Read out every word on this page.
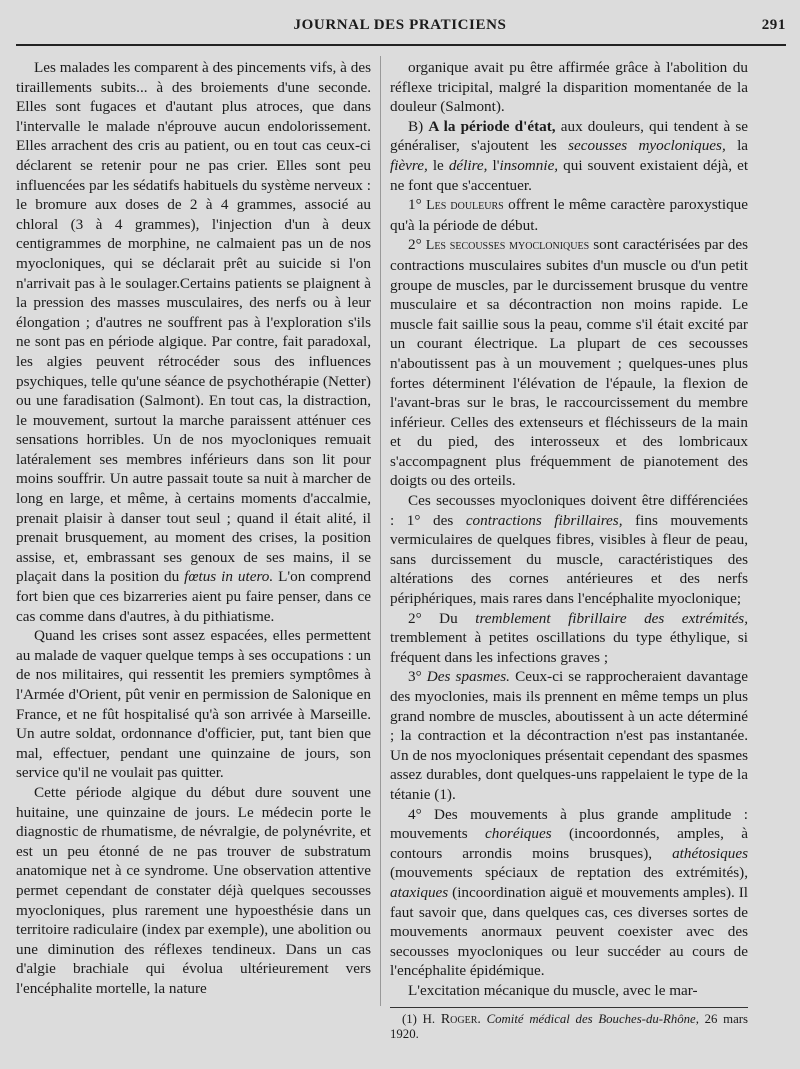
JOURNAL DES PRATICIENS	291

Les malades les comparent à des pincements vifs, à des tiraillements subits... à des broiements d'une seconde. Elles sont fugaces et d'autant plus atroces, que dans l'intervalle le malade n'éprouve aucun endolorissement. Elles arrachent des cris au patient, ou en tout cas ceux-ci déclarent se retenir pour ne pas crier. Elles sont peu influencées par les sédatifs habituels du système nerveux : le bromure aux doses de 2 à 4 grammes, associé au chloral (3 à 4 grammes), l'injection d'un à deux centigrammes de morphine, ne calmaient pas un de nos myocloniques, qui se déclarait prêt au suicide si l'on n'arrivait pas à le soulager.Certains patients se plaignent à la pression des masses musculaires, des nerfs ou à leur élongation ; d'autres ne souffrent pas à l'exploration s'ils ne sont pas en période algique. Par contre, fait paradoxal, les algies peuvent rétrocéder sous des influences psychiques, telle qu'une séance de psychothérapie (Netter) ou une faradisation (Salmont). En tout cas, la distraction, le mouvement, surtout la marche paraissent atténuer ces sensations horribles. Un de nos myocloniques remuait latéralement ses membres inférieurs dans son lit pour moins souffrir. Un autre passait toute sa nuit à marcher de long en large, et même, à certains moments d'accalmie, prenait plaisir à danser tout seul ; quand il était alité, il prenait brusquement, au moment des crises, la position assise, et, embrassant ses genoux de ses mains, il se plaçait dans la position du fœtus in utero. L'on comprend fort bien que ces bizarreries aient pu faire penser, dans ce cas comme dans d'autres, à du pithiatisme.

Quand les crises sont assez espacées, elles permettent au malade de vaquer quelque temps à ses occupations : un de nos militaires, qui ressentit les premiers symptômes à l'Armée d'Orient, pût venir en permission de Salonique en France, et ne fût hospitalisé qu'à son arrivée à Marseille. Un autre soldat, ordonnance d'officier, put, tant bien que mal, effectuer, pendant une quinzaine de jours, son service qu'il ne voulait pas quitter.

Cette période algique du début dure souvent une huitaine, une quinzaine de jours. Le médecin porte le diagnostic de rhumatisme, de névralgie, de polynévrite, et est un peu étonné de ne pas trouver de substratum anatomique net à ce syndrome. Une observation attentive permet cependant de constater déjà quelques secousses myocloniques, plus rarement une hypoesthésie dans un territoire radiculaire (index par exemple), une abolition ou une diminution des réflexes tendineux. Dans un cas d'algie brachiale qui évolua ultérieurement vers l'encéphalite mortelle, la nature

organique avait pu être affirmée grâce à l'abolition du réflexe tricipital, malgré la disparition momentanée de la douleur (Salmont).

B) A la période d'état, aux douleurs, qui tendent à se généraliser, s'ajoutent les secousses myocloniques, la fièvre, le délire, l'insomnie, qui souvent existaient déjà, et ne font que s'accentuer.

1° Les douleurs offrent le même caractère paroxystique qu'à la période de début.

2° Les secousses myocloniques sont caractérisées par des contractions musculaires subites d'un muscle ou d'un petit groupe de muscles, par le durcissement brusque du ventre musculaire et sa décontraction non moins rapide. Le muscle fait saillie sous la peau, comme s'il était excité par un courant électrique. La plupart de ces secousses n'aboutissent pas à un mouvement ; quelques-unes plus fortes déterminent l'élévation de l'épaule, la flexion de l'avant-bras sur le bras, le raccourcissement du membre inférieur. Celles des extenseurs et fléchisseurs de la main et du pied, des interosseux et des lombricaux s'accompagnent plus fréquemment de pianotement des doigts ou des orteils.

Ces secousses myocloniques doivent être différenciées : 1° des contractions fibrillaires, fins mouvements vermiculaires de quelques fibres, visibles à fleur de peau, sans durcissement du muscle, caractéristiques des altérations des cornes antérieures et des nerfs périphériques, mais rares dans l'encéphalite myoclonique;

2° Du tremblement fibrillaire des extrémités, tremblement à petites oscillations du type éthylique, si fréquent dans les infections graves ;

3° Des spasmes. Ceux-ci se rapprocheraient davantage des myoclonies, mais ils prennent en même temps un plus grand nombre de muscles, aboutissent à un acte déterminé ; la contraction et la décontraction n'est pas instantanée. Un de nos myocloniques présentait cependant des spasmes assez durables, dont quelques-uns rappelaient le type de la tétanie (1).

4° Des mouvements à plus grande amplitude : mouvements choréiques (incoordonnés, amples, à contours arrondis moins brusques), athétosiques (mouvements spéciaux de reptation des extrémités), ataxiques (incoordination aiguë et mouvements amples). Il faut savoir que, dans quelques cas, ces diverses sortes de mouvements anormaux peuvent coexister avec des secousses myocloniques ou leur succéder au cours de l'encéphalite épidémique.

L'excitation mécanique du muscle, avec le mar-

(1) H. Roger. Comité médical des Bouches-du-Rhône, 26 mars 1920.
